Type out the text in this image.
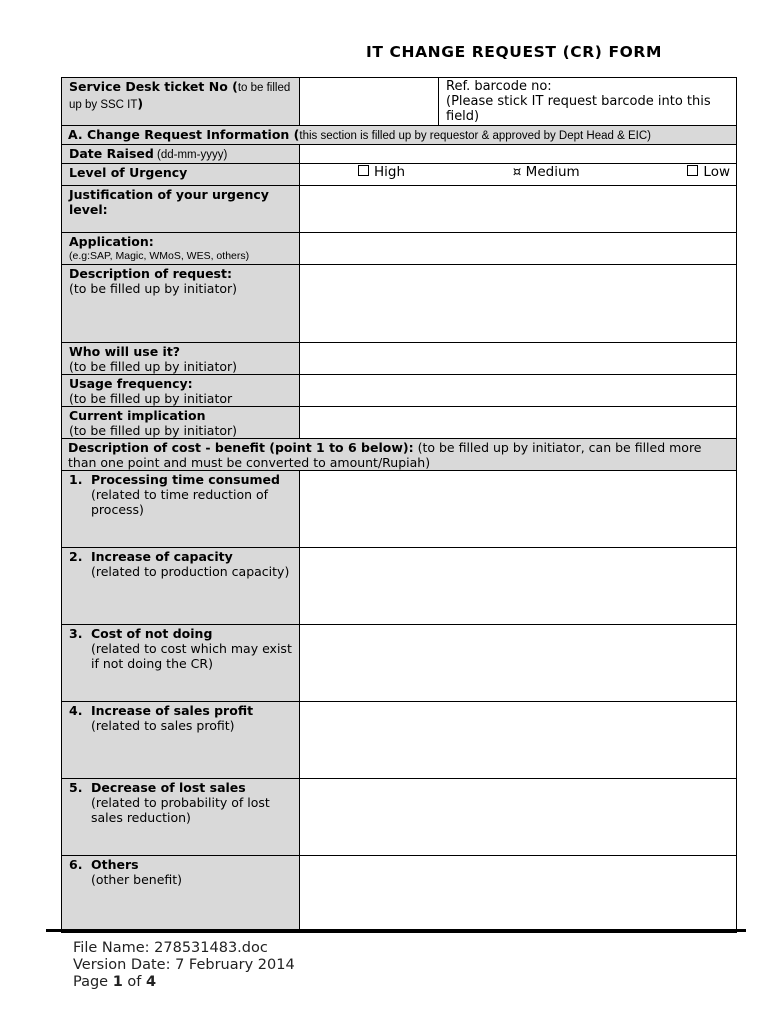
IT CHANGE REQUEST (CR) FORM
Service Desk ticket No (to be filled up by SSC IT)		Ref. barcode no:
(Please stick IT request barcode into this field)

A. Change Request Information (this section is filled up by requestor & approved by Dept Head & EIC)		
Date Raised (dd-mm-yyyy)		
Level of Urgency	High ¤ Medium Low	

Justification of your urgency level:		

Application:
(e.g:SAP, Magic, WMoS, WES, others)		

Description of request:
(to be filled up by initiator)		

Who will use it?
(to be filled up by initiator)		

Usage frequency:
(to be filled up by initiator		

Current implication
(to be filled up by initiator)		

Description of cost - benefit (point 1 to 6 below): (to be filled up by initiator, can be filled more than one point and must be converted to amount/Rupiah)		

1. Processing time consumed
(related to time reduction of process)		

2. Increase of capacity
(related to production capacity)		

3. Cost of not doing
(related to cost which may exist if not doing the CR)		

4. Increase of sales profit
(related to sales profit)		

5. Decrease of lost sales
(related to probability of lost sales reduction)		

6. Others
(other benefit)		

File Name: 278531483.doc
Version Date: 7 February 2014
Page 1 of 4
